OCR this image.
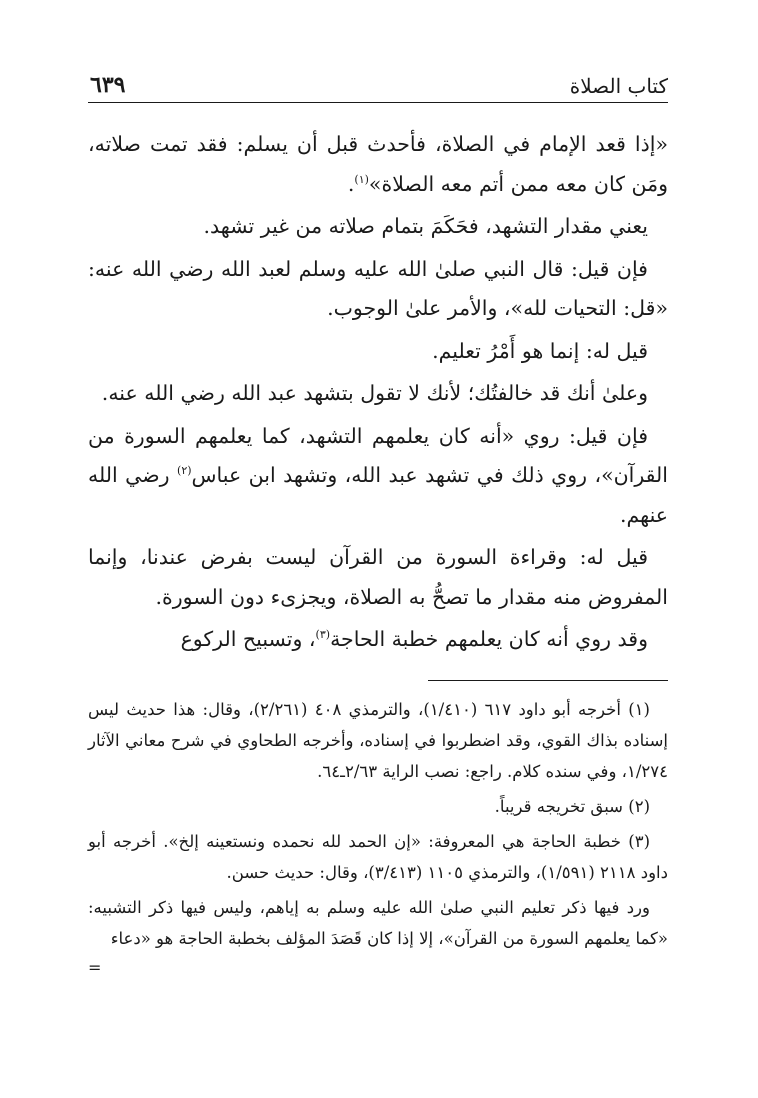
كتاب الصلاة
٦٣٩

«إذا قعد الإمام في الصلاة، فأحدث قبل أن يسلم: فقد تمت صلاته، ومَن كان معه ممن أتم معه الصلاة»$^{(١)}$.

يعني مقدار التشهد، فحَكَمَ بتمام صلاته من غير تشهد.

فإن قيل: قال النبي صلىٰ الله عليه وسلم لعبد الله رضي الله عنه: «قل: التحيات لله»، والأمر علىٰ الوجوب.

قيل له: إنما هو أَمْرُ تعليم.

وعلىٰ أنك قد خالفتُك؛ لأنك لا تقول بتشهد عبد الله رضي الله عنه.

فإن قيل: روي «أنه كان يعلمهم التشهد، كما يعلمهم السورة من القرآن»، روي ذلك في تشهد عبد الله، وتشهد ابن عباس$^{(٢)}$ رضي الله عنهم.

قيل له: وقراءة السورة من القرآن ليست بفرض عندنا، وإنما المفروض منه مقدار ما تصحُّ به الصلاة، ويجزىء دون السورة.

وقد روي أنه كان يعلمهم خطبة الحاجة$^{(٣)}$، وتسبيح الركوع

(١) أخرجه أبو داود ٦١٧ (١/٤١٠)، والترمذي ٤٠٨ (٢/٢٦١)، وقال: هذا حديث ليس إسناده بذاك القوي، وقد اضطربوا في إسناده، وأخرجه الطحاوي في شرح معاني الآثار ١/٢٧٤، وفي سنده كلام. راجع: نصب الراية ٢/٦٣ـ٦٤.

(٢) سبق تخريجه قريباً.

(٣) خطبة الحاجة هي المعروفة: «إن الحمد لله نحمده ونستعينه إلخ». أخرجه أبو داود ٢١١٨ (١/٥٩١)، والترمذي ١١٠٥ (٣/٤١٣)، وقال: حديث حسن.

ورد فيها ذكر تعليم النبي صلىٰ الله عليه وسلم به إياهم، وليس فيها ذكر التشبيه: «كما يعلمهم السورة من القرآن»، إلا إذا كان قَصَدَ المؤلف بخطبة الحاجة هو «دعاء

=
